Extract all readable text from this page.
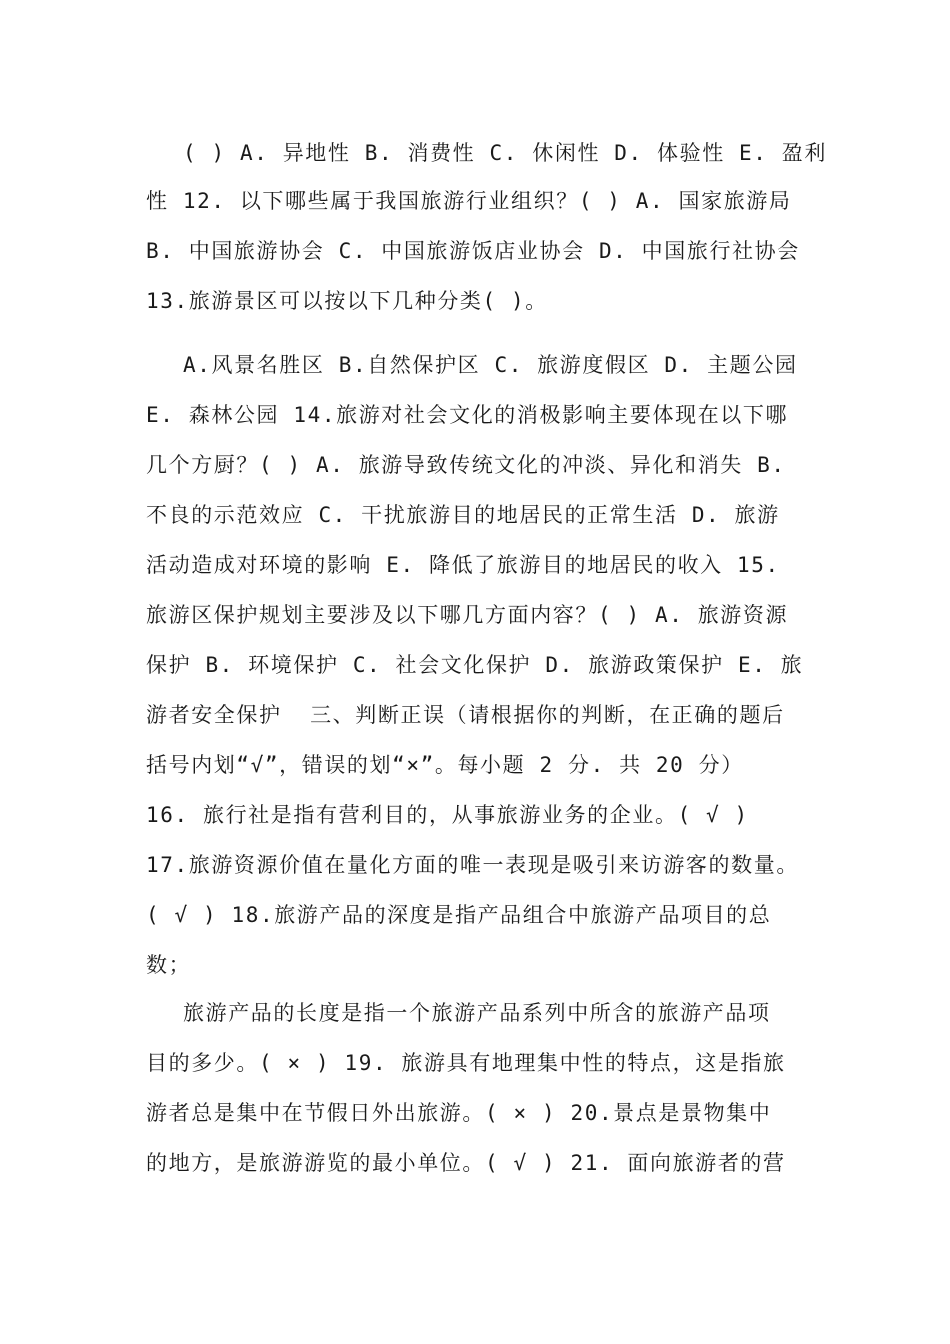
( ) A. 异地性 B. 消费性 C. 休闲性 D. 体验性 E. 盈利
性 12. 以下哪些属于我国旅游行业组织？( ) A. 国家旅游局
B. 中国旅游协会 C. 中国旅游饭店业协会 D. 中国旅行社协会
13.旅游景区可以按以下几种分类( )。
A.风景名胜区 B.自然保护区 C. 旅游度假区 D. 主题公园
E. 森林公园 14.旅游对社会文化的消极影响主要体现在以下哪
几个方厨？( ) A. 旅游导致传统文化的冲淡、异化和消失 B.
不良的示范效应 C. 干扰旅游目的地居民的正常生活 D. 旅游
活动造成对环境的影响 E. 降低了旅游目的地居民的收入 15.
旅游区保护规划主要涉及以下哪几方面内容？( ) A. 旅游资源
保护 B. 环境保护 C. 社会文化保护 D. 旅游政策保护 E. 旅
游者安全保护  三、判断正误（请根据你的判断，在正确的题后
括号内划“√”，错误的划“×”。每小题 2 分. 共 20 分）
16. 旅行社是指有营利目的，从事旅游业务的企业。( √ )
17.旅游资源价值在量化方面的唯一表现是吸引来访游客的数量。
( √ ) 18.旅游产品的深度是指产品组合中旅游产品项目的总
数；
旅游产品的长度是指一个旅游产品系列中所含的旅游产品项
目的多少。( × ) 19. 旅游具有地理集中性的特点，这是指旅
游者总是集中在节假日外出旅游。( × ) 20.景点是景物集中
的地方，是旅游游览的最小单位。( √ ) 21. 面向旅游者的营
